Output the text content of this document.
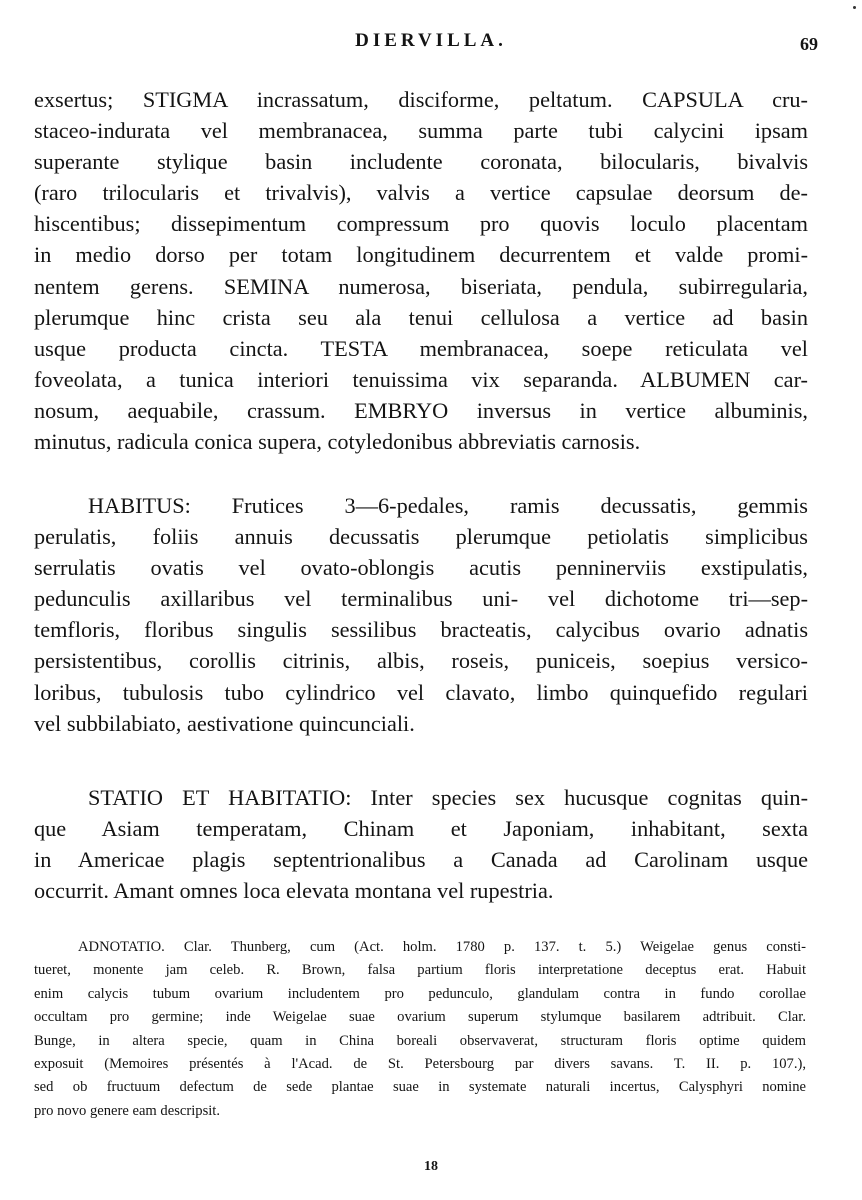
DIERVILLA.	69
exsertus; STIGMA incrassatum, disciforme, peltatum. CAPSULA cru-
staceo-indurata vel membranacea, summa parte tubi calycini ipsam
superante stylique basin includente coronata, bilocularis, bivalvis
(raro trilocularis et trivalvis), valvis a vertice capsulae deorsum de-
hiscentibus; dissepimentum compressum pro quovis loculo placentam
in medio dorso per totam longitudinem decurrentem et valde promi-
nentem gerens. SEMINA numerosa, biseriata, pendula, subirregularia,
plerumque hinc crista seu ala tenui cellulosa a vertice ad basin
usque producta cincta. TESTA membranacea, soepe reticulata vel
foveolata, a tunica interiori tenuissima vix separanda. ALBUMEN car-
nosum, aequabile, crassum. EMBRYO inversus in vertice albuminis,
minutus, radicula conica supera, cotyledonibus abbreviatis carnosis.
HABITUS: Frutices 3—6-pedales, ramis decussatis, gemmis
perulatis, foliis annuis decussatis plerumque petiolatis simplicibus
serrulatis ovatis vel ovato-oblongis acutis penninerviis exstipulatis,
pedunculis axillaribus vel terminalibus uni- vel dichotome tri—sep-
temfloris, floribus singulis sessilibus bracteatis, calycibus ovario adnatis
persistentibus, corollis citrinis, albis, roseis, puniceis, soepius versico-
loribus, tubulosis tubo cylindrico vel clavato, limbo quinquefido regulari
vel subbilabiato, aestivatione quincunciali.
STATIO ET HABITATIO: Inter species sex hucusque cognitas quin-
que Asiam temperatam, Chinam et Japoniam, inhabitant, sexta
in Americae plagis septentrionalibus a Canada ad Carolinam usque
occurrit. Amant omnes loca elevata montana vel rupestria.
ADNOTATIO. Clar. Thunberg, cum (Act. holm. 1780 p. 137. t. 5.) Weigelae genus consti-
tueret, monente jam celeb. R. Brown, falsa partium floris interpretatione deceptus erat. Habuit
enim calycis tubum ovarium includentem pro pedunculo, glandulam contra in fundo corollae
occultam pro germine; inde Weigelae suae ovarium superum stylumque basilarem adtribuit. Clar.
Bunge, in altera specie, quam in China boreali observaverat, structuram floris optime quidem
exposuit (Memoires présentés à l'Acad. de St. Petersbourg par divers savans. T. II. p. 107.),
sed ob fructuum defectum de sede plantae suae in systemate naturali incertus, Calysphyri nomine
pro novo genere eam descripsit.
18
